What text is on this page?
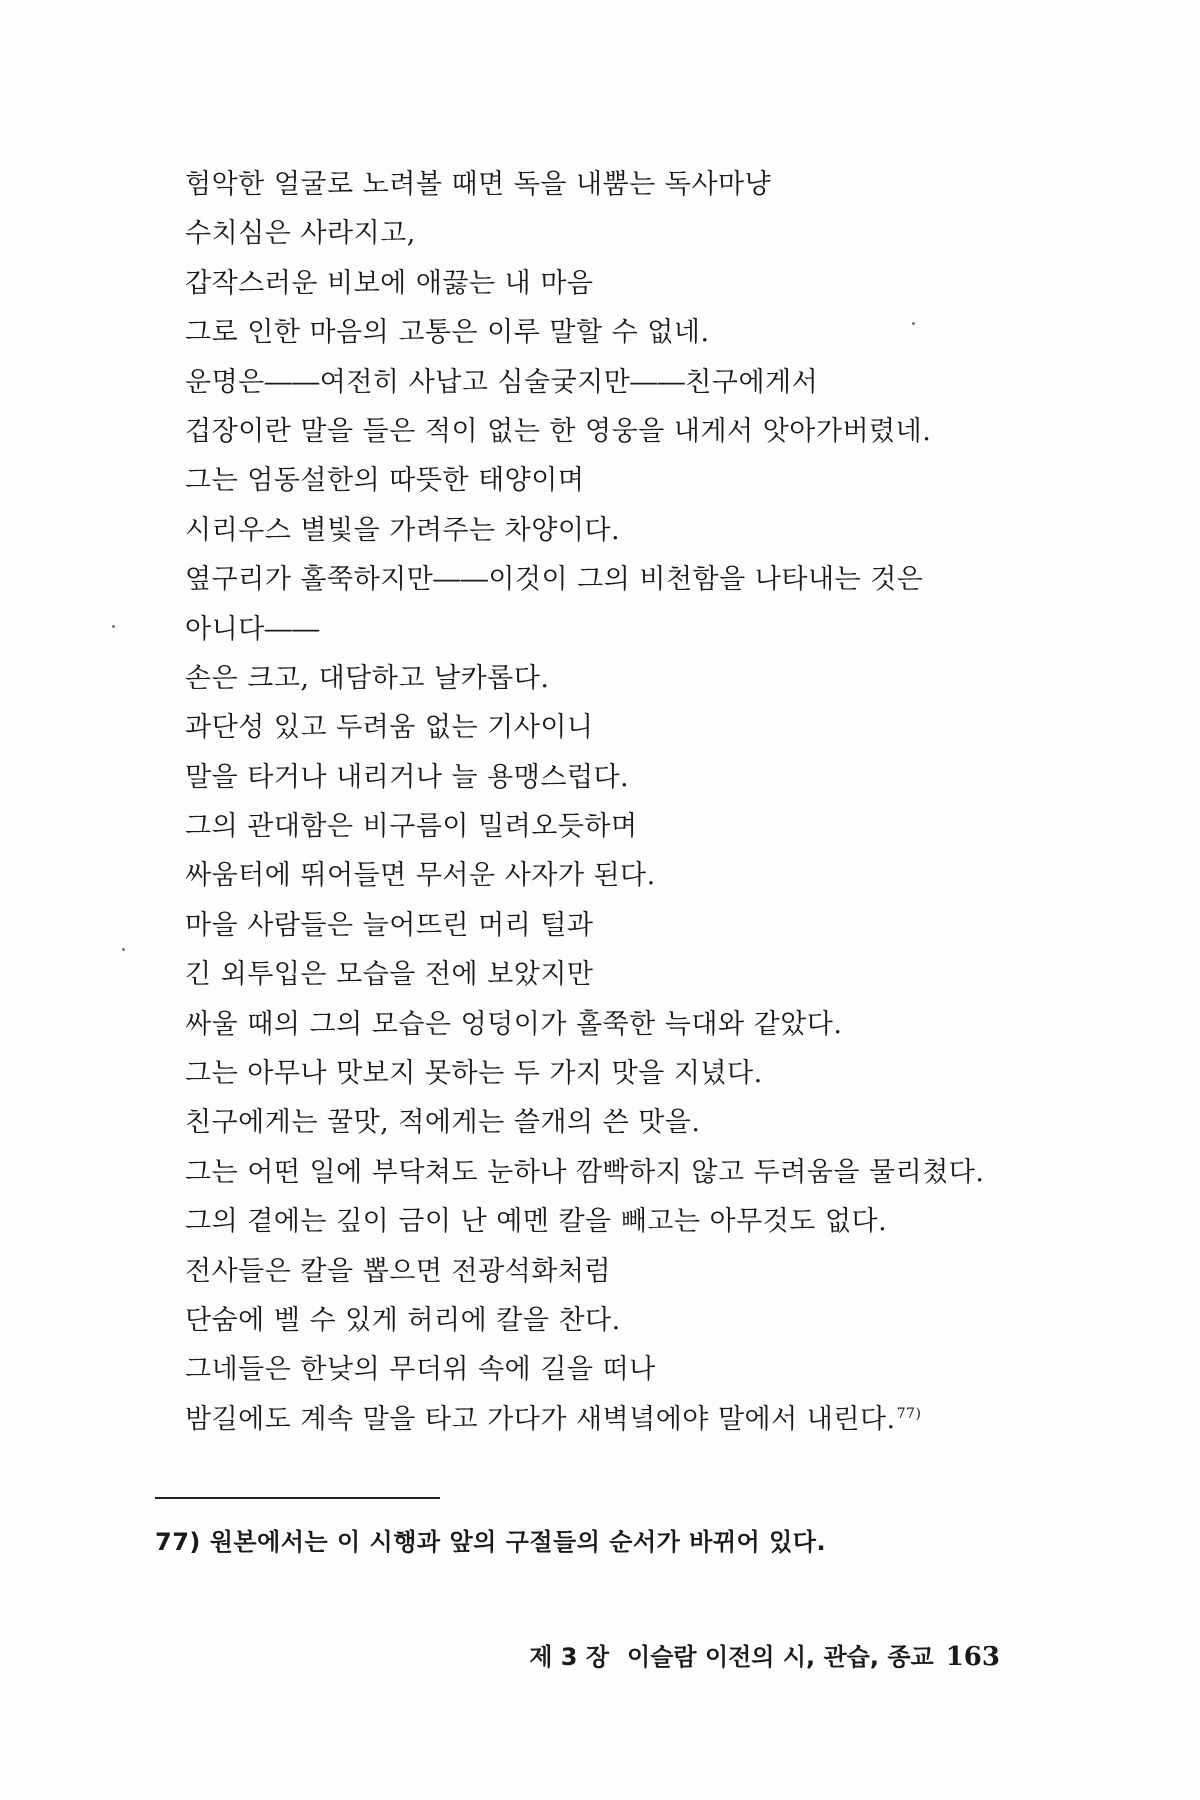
험악한 얼굴로 노려볼 때면 독을 내뿜는 독사마냥
수치심은 사라지고,
갑작스러운 비보에 애끓는 내 마음
그로 인한 마음의 고통은 이루 말할 수 없네.
운명은――여전히 사납고 심술궂지만――친구에게서
겁장이란 말을 들은 적이 없는 한 영웅을 내게서 앗아가버렸네.
그는 엄동설한의 따뜻한 태양이며
시리우스 별빛을 가려주는 차양이다.
옆구리가 홀쭉하지만――이것이 그의 비천함을 나타내는 것은
아니다――
손은 크고, 대담하고 날카롭다.
과단성 있고 두려움 없는 기사이니
말을 타거나 내리거나 늘 용맹스럽다.
그의 관대함은 비구름이 밀려오듯하며
싸움터에 뛰어들면 무서운 사자가 된다.
마을 사람들은 늘어뜨린 머리 털과
긴 외투입은 모습을 전에 보았지만
싸울 때의 그의 모습은 엉덩이가 홀쭉한 늑대와 같았다.
그는 아무나 맛보지 못하는 두 가지 맛을 지녔다.
친구에게는 꿀맛, 적에게는 쓸개의 쓴 맛을.
그는 어떤 일에 부닥쳐도 눈하나 깜빡하지 않고 두려움을 물리쳤다.
그의 곁에는 깊이 금이 난 예멘 칼을 빼고는 아무것도 없다.
전사들은 칼을 뽑으면 전광석화처럼
단숨에 벨 수 있게 허리에 칼을 찬다.
그네들은 한낮의 무더위 속에 길을 떠나
밤길에도 계속 말을 타고 가다가 새벽녘에야 말에서 내린다.$^{77)}$
77) 원본에서는 이 시행과 앞의 구절들의 순서가 바뀌어 있다.
제 3 장 이슬람 이전의 시, 관습, 종교 163
